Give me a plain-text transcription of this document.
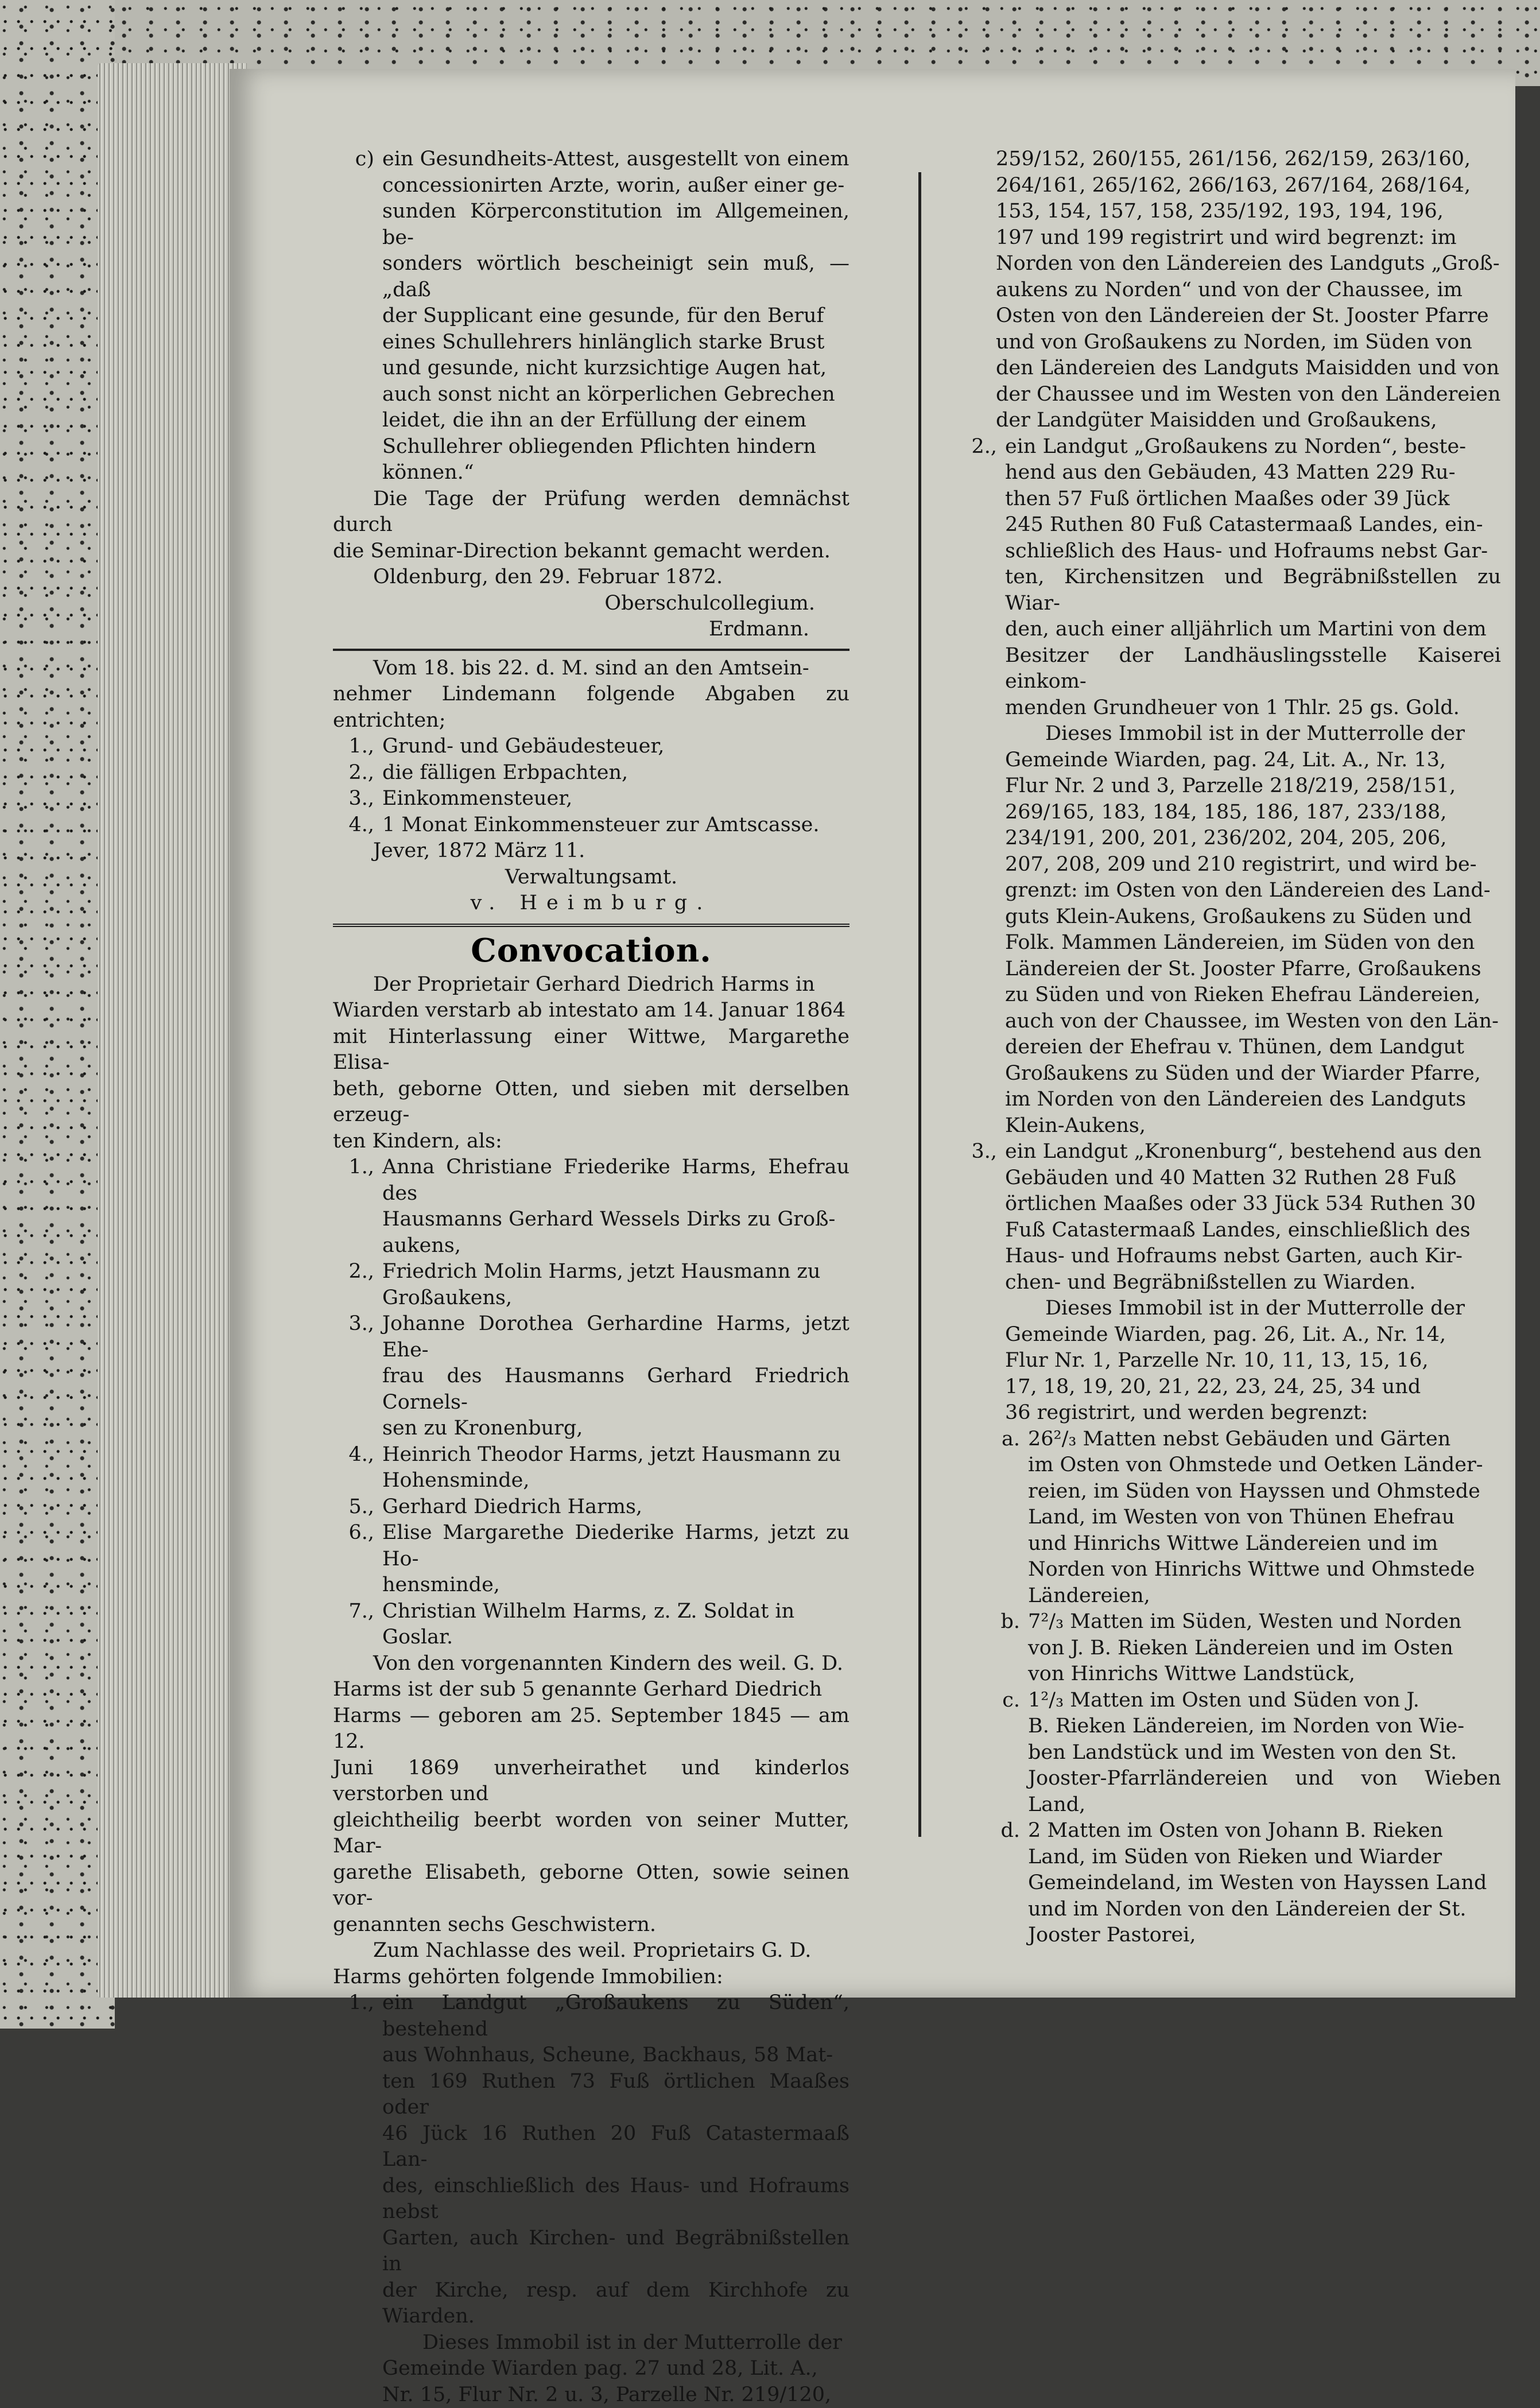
c) ein Gesundheits-Attest, ausgestellt von einem

concessionirten Arzte, worin, außer einer ge-

sunden Körperconstitution im Allgemeinen, be-

sonders wörtlich bescheinigt sein muß, — „daß

der Supplicant eine gesunde, für den Beruf

eines Schullehrers hinlänglich starke Brust

und gesunde, nicht kurzsichtige Augen hat,

auch sonst nicht an körperlichen Gebrechen

leidet, die ihn an der Erfüllung der einem

Schullehrer obliegenden Pflichten hindern

können.“

Die Tage der Prüfung werden demnächst durch

die Seminar-Direction bekannt gemacht werden.

Oldenburg, den 29. Februar 1872.

Oberschulcollegium.

Erdmann.

Vom 18. bis 22. d. M. sind an den Amtsein-

nehmer Lindemann folgende Abgaben zu entrichten;

1., Grund- und Gebäudesteuer,
2., die fälligen Erbpachten,
3., Einkommensteuer,
4., 1 Monat Einkommensteuer zur Amtscasse.

Jever, 1872 März 11.

Verwaltungsamt.

v. Heimburg.

Convocation.

Der Proprietair Gerhard Diedrich Harms in

Wiarden verstarb ab intestato am 14. Januar 1864

mit Hinterlassung einer Wittwe, Margarethe Elisa-

beth, geborne Otten, und sieben mit derselben erzeug-

ten Kindern, als:

1., Anna Christiane Friederike Harms, Ehefrau des

Hausmanns Gerhard Wessels Dirks zu Groß-

aukens,

2., Friedrich Molin Harms, jetzt Hausmann zu

Großaukens,

3., Johanne Dorothea Gerhardine Harms, jetzt Ehe-

frau des Hausmanns Gerhard Friedrich Cornels-

sen zu Kronenburg,

4., Heinrich Theodor Harms, jetzt Hausmann zu

Hohensminde,

5., Gerhard Diedrich Harms,

6., Elise Margarethe Diederike Harms, jetzt zu Ho-

hensminde,

7., Christian Wilhelm Harms, z. Z. Soldat in

Goslar.

Von den vorgenannten Kindern des weil. G. D.

Harms ist der sub 5 genannte Gerhard Diedrich

Harms — geboren am 25. September 1845 — am 12.

Juni 1869 unverheirathet und kinderlos verstorben und

gleichtheilig beerbt worden von seiner Mutter, Mar-

garethe Elisabeth, geborne Otten, sowie seinen vor-

genannten sechs Geschwistern.

Zum Nachlasse des weil. Proprietairs G. D.

Harms gehörten folgende Immobilien:

1., ein Landgut „Großaukens zu Süden“, bestehend

aus Wohnhaus, Scheune, Backhaus, 58 Mat-

ten 169 Ruthen 73 Fuß örtlichen Maaßes oder

46 Jück 16 Ruthen 20 Fuß Catastermaaß Lan-

des, einschließlich des Haus- und Hofraums nebst

Garten, auch Kirchen- und Begräbnißstellen in

der Kirche, resp. auf dem Kirchhofe zu Wiarden.

Dieses Immobil ist in der Mutterrolle der

Gemeinde Wiarden pag. 27 und 28, Lit. A.,

Nr. 15, Flur Nr. 2 u. 3, Parzelle Nr. 219/120,

259/152, 260/155, 261/156, 262/159, 263/160,

264/161, 265/162, 266/163, 267/164, 268/164,

153, 154, 157, 158, 235/192, 193, 194, 196,

197 und 199 registrirt und wird begrenzt: im

Norden von den Ländereien des Landguts „Groß-

aukens zu Norden“ und von der Chaussee, im

Osten von den Ländereien der St. Jooster Pfarre

und von Großaukens zu Norden, im Süden von

den Ländereien des Landguts Maisidden und von

der Chaussee und im Westen von den Ländereien

der Landgüter Maisidden und Großaukens,

2., ein Landgut „Großaukens zu Norden“, beste-

hend aus den Gebäuden, 43 Matten 229 Ru-

then 57 Fuß örtlichen Maaßes oder 39 Jück

245 Ruthen 80 Fuß Catastermaaß Landes, ein-

schließlich des Haus- und Hofraums nebst Gar-

ten, Kirchensitzen und Begräbnißstellen zu Wiar-

den, auch einer alljährlich um Martini von dem

Besitzer der Landhäuslingsstelle Kaiserei einkom-

menden Grundheuer von 1 Thlr. 25 gs. Gold.

Dieses Immobil ist in der Mutterrolle der

Gemeinde Wiarden, pag. 24, Lit. A., Nr. 13,

Flur Nr. 2 und 3, Parzelle 218/219, 258/151,

269/165, 183, 184, 185, 186, 187, 233/188,

234/191, 200, 201, 236/202, 204, 205, 206,

207, 208, 209 und 210 registrirt, und wird be-

grenzt: im Osten von den Ländereien des Land-

guts Klein-Aukens, Großaukens zu Süden und

Folk. Mammen Ländereien, im Süden von den

Ländereien der St. Jooster Pfarre, Großaukens

zu Süden und von Rieken Ehefrau Ländereien,

auch von der Chaussee, im Westen von den Län-

dereien der Ehefrau v. Thünen, dem Landgut

Großaukens zu Süden und der Wiarder Pfarre,

im Norden von den Ländereien des Landguts

Klein-Aukens,

3., ein Landgut „Kronenburg“, bestehend aus den

Gebäuden und 40 Matten 32 Ruthen 28 Fuß

örtlichen Maaßes oder 33 Jück 534 Ruthen 30

Fuß Catastermaaß Landes, einschließlich des

Haus- und Hofraums nebst Garten, auch Kir-

chen- und Begräbnißstellen zu Wiarden.

Dieses Immobil ist in der Mutterrolle der

Gemeinde Wiarden, pag. 26, Lit. A., Nr. 14,

Flur Nr. 1, Parzelle Nr. 10, 11, 13, 15, 16,

17, 18, 19, 20, 21, 22, 23, 24, 25, 34 und

36 registrirt, und werden begrenzt:

a. 26²/₃ Matten nebst Gebäuden und Gärten

im Osten von Ohmstede und Oetken Länder-

reien, im Süden von Hayssen und Ohmstede

Land, im Westen von von Thünen Ehefrau

und Hinrichs Wittwe Ländereien und im

Norden von Hinrichs Wittwe und Ohmstede

Ländereien,

b. 7²/₃ Matten im Süden, Westen und Norden

von J. B. Rieken Ländereien und im Osten

von Hinrichs Wittwe Landstück,

c. 1²/₃ Matten im Osten und Süden von J.

B. Rieken Ländereien, im Norden von Wie-

ben Landstück und im Westen von den St.

Jooster-Pfarrländereien und von Wieben Land,

d. 2 Matten im Osten von Johann B. Rieken

Land, im Süden von Rieken und Wiarder

Gemeindeland, im Westen von Hayssen Land

und im Norden von den Ländereien der St.

Jooster Pastorei,
